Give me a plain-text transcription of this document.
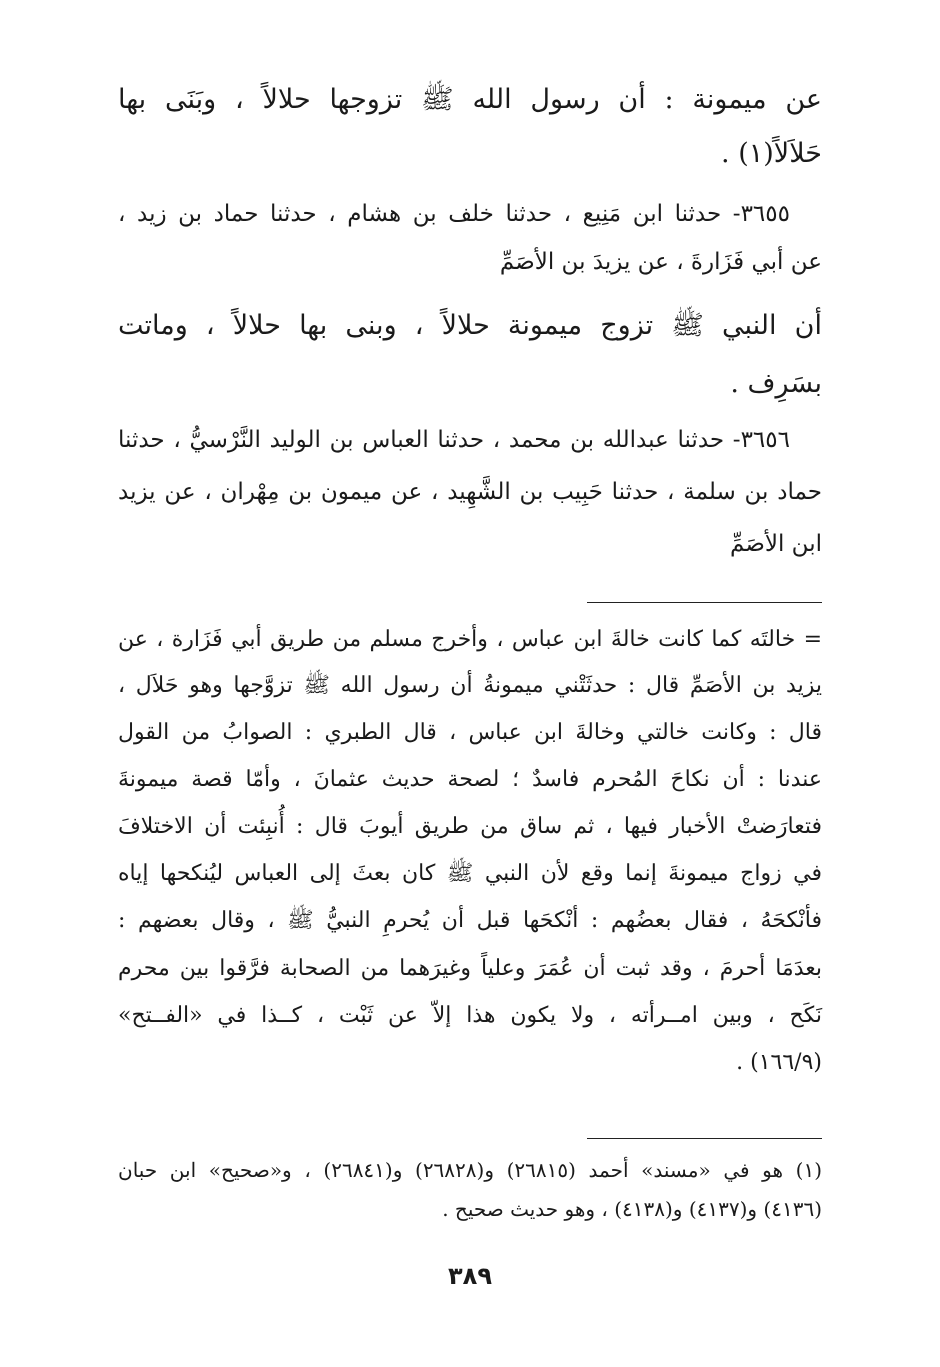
عن ميمونة : أن رسول الله ﷺ تزوجها حلالاً ، وبَنَى بها
حَلاَلاً(١) .
٣٦٥٥- حدثنا ابن مَنِيع ، حدثنا خلف بن هشام ، حدثنا حماد بن زيد ،
عن أبي فَزَارةَ ، عن يزيدَ بن الأصَمِّ
أن النبي ﷺ تزوج ميمونة حلالاً ، وبنى بها حلالاً ، وماتت
بسَرِف .
٣٦٥٦- حدثنا عبدالله بن محمد ، حدثنا العباس بن الوليد النَّرْسيُّ ، حدثنا
حماد بن سلمة ، حدثنا حَبِيب بن الشَّهِيد ، عن ميمون بن مِهْران ، عن يزيد
ابن الأصَمِّ
= خالتَه كما كانت خالةَ ابن عباس ، وأخرج مسلم من طريق أبي فَزَارة ، عن
يزيد بن الأصَمِّ قال : حدثَتْني ميمونةُ أن رسول الله ﷺ تزوَّجها وهو حَلاَل ،
قال : وكانت خالتي وخالةَ ابن عباس ، قال الطبري : الصوابُ من القول
عندنا : أن نكاحَ المُحرم فاسدٌ ؛ لصحة حديث عثمانَ ، وأمّا قصة ميمونةَ
فتعارَضتْ الأخبار فيها ، ثم ساق من طريق أيوبَ قال : أُنبِئت أن الاختلافَ
في زواج ميمونةَ إنما وقع لأن النبي ﷺ كان بعثَ إلى العباس ليُنكحها إياه
فأنْكحَهُ ، فقال بعضُهم : أنْكحَها قبل أن يُحرمِ النبيُّ ﷺ ، وقال بعضهم :
بعدَمَا أحرمَ ، وقد ثبت أن عُمَرَ وعلياً وغيرَهما من الصحابة فرَّقوا بين محرم
نَكَح ، وبين امــرأته ، ولا يكون هذا إلاّ عن ثَبْت ، كــذا في «الفــتح»
(١٦٦/٩) .
(١) هو في «مسند» أحمد (٢٦٨١٥) و(٢٦٨٢٨) و(٢٦٨٤١) ، و«صحيح» ابن حبان
(٤١٣٦) و(٤١٣٧) و(٤١٣٨) ، وهو حديث صحيح .
٣٨٩
